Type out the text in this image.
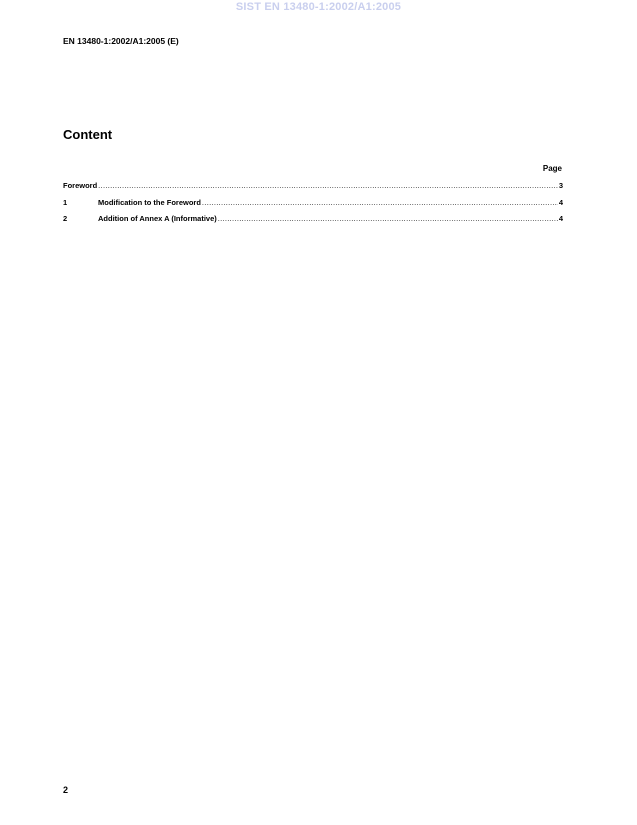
SIST EN 13480-1:2002/A1:2005
EN 13480-1:2002/A1:2005 (E)
Content
Page
Foreword .....	3
1	Modification to the Foreword .....	4
2	Addition of Annex A (Informative) .....	4
2
